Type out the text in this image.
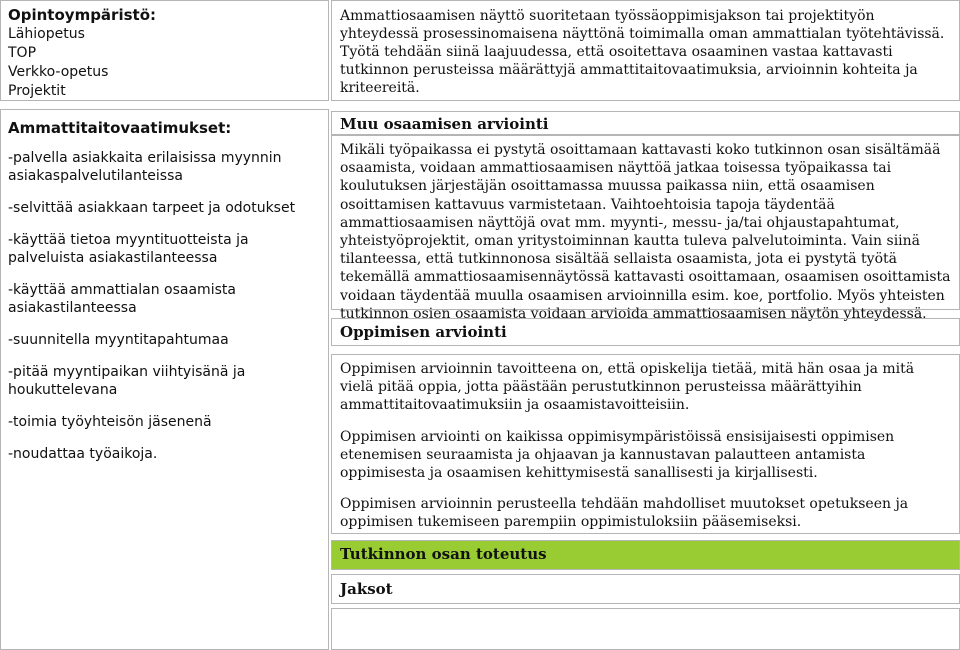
Opintoympäristö:
Lähiopetus
TOP
Verkko-opetus
Projektit
Ammattitaitovaatimukset:
-palvella asiakkaita erilaisissa myynnin asiakaspalvelutilanteissa
-selvittää asiakkaan tarpeet ja odotukset
-käyttää tietoa myyntituotteista ja palveluista asiakastilanteessa
-käyttää ammattialan osaamista asiakastilanteessa
-suunnitella myyntitapahtumaa
-pitää myyntipaikan viihtyisänä ja houkuttelevana
-toimia työyhteisön jäsenenä
-noudattaa työaikoja.
Ammattiosaamisen näyttö suoritetaan työssäoppimisjakson tai projektityön yhteydessä prosessinomaisena näyttönä toimimalla oman ammattialan työtehtävissä. Työtä tehdään siinä laajuudessa, että osoitettava osaaminen vastaa kattavasti tutkinnon perusteissa määrättyjä ammattitaitovaatimuksia, arvioinnin kohteita ja kriteereitä.
Muu osaamisen arviointi
Mikäli työpaikassa ei pystytä osoittamaan kattavasti koko tutkinnon osan sisältämää osaamista, voidaan ammattiosaamisen näyttöä jatkaa toisessa työpaikassa tai koulutuksen järjestäjän osoittamassa muussa paikassa niin, että osaamisen osoittamisen kattavuus varmistetaan. Vaihtoehtoisia tapoja täydentää ammattiosaamisen näyttöjä ovat mm. myynti-, messu- ja/tai ohjaustapahtumat, yhteistyöprojektit, oman yritystoiminnan kautta tuleva palvelutoiminta. Vain siinä tilanteessa, että tutkinnonosa sisältää sellaista osaamista, jota ei pystytä työtä tekemällä ammattiosaamisennäytössä kattavasti osoittamaan, osaamisen osoittamista voidaan täydentää muulla osaamisen arvioinnilla esim. koe, portfolio. Myös yhteisten tutkinnon osien osaamista voidaan arvioida ammattiosaamisen näytön yhteydessä.
Oppimisen arviointi

Oppimisen arvioinnin tavoitteena on, että opiskelija tietää, mitä hän osaa ja mitä vielä pitää oppia, jotta päästään perustutkinnon perusteissa määrättyihin ammattitaitovaatimuksiin ja osaamistavoitteisiin.

Oppimisen arviointi on kaikissa oppimisympäristöissä ensisijaisesti oppimisen etenemisen seuraamista ja ohjaavan ja kannustavan palautteen antamista oppimisesta ja osaamisen kehittymisestä sanallisesti ja kirjallisesti.

Oppimisen arvioinnin perusteella tehdään mahdolliset muutokset opetukseen ja oppimisen tukemiseen parempiin oppimistuloksiin pääsemiseksi.

Tutkinnon osan toteutus
Jaksot
